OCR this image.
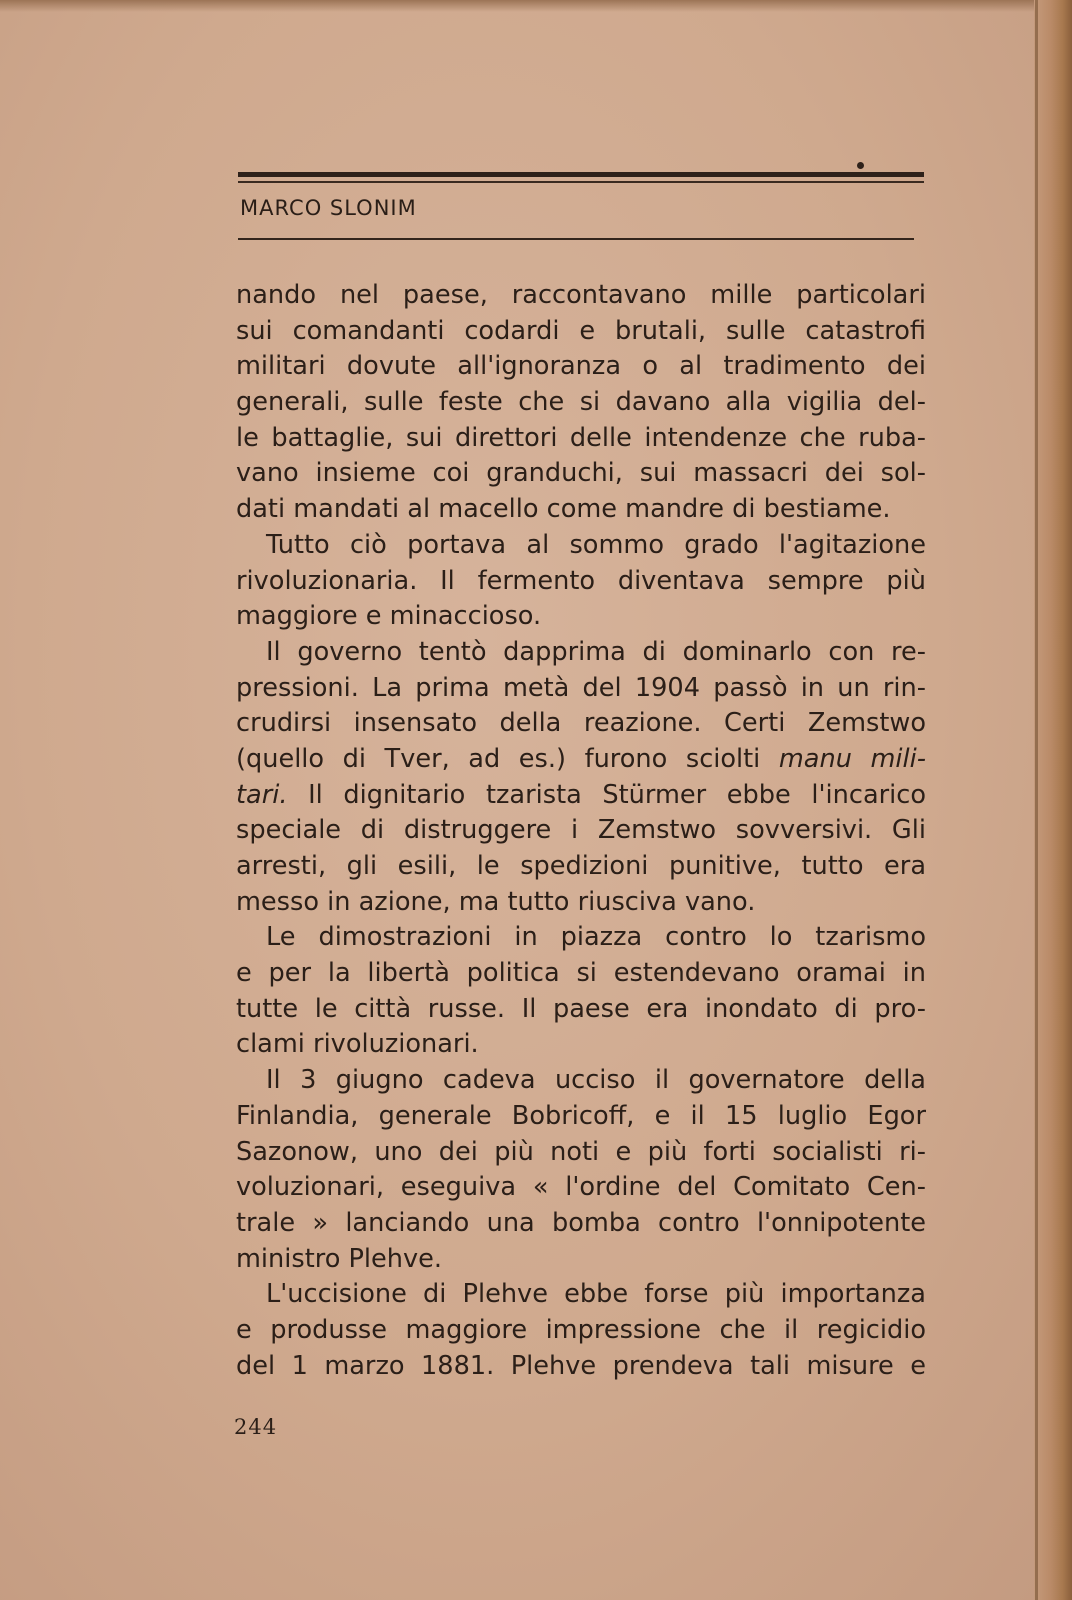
MARCO SLONIM
nando nel paese, raccontavano mille particolari
sui comandanti codardi e brutali, sulle catastrofi
militari dovute all'ignoranza o al tradimento dei
generali, sulle feste che si davano alla vigilia del-
le battaglie, sui direttori delle intendenze che ruba-
vano insieme coi granduchi, sui massacri dei sol-
dati mandati al macello come mandre di bestiame.
Tutto ciò portava al sommo grado l'agitazione
rivoluzionaria. Il fermento diventava sempre più
maggiore e minaccioso.
Il governo tentò dapprima di dominarlo con re-
pressioni. La prima metà del 1904 passò in un rin-
crudirsi insensato della reazione. Certi Zemstwo
(quello di Tver, ad es.) furono sciolti manu mili-
tari. Il dignitario tzarista Stürmer ebbe l'incarico
speciale di distruggere i Zemstwo sovversivi. Gli
arresti, gli esili, le spedizioni punitive, tutto era
messo in azione, ma tutto riusciva vano.
Le dimostrazioni in piazza contro lo tzarismo
e per la libertà politica si estendevano oramai in
tutte le città russe. Il paese era inondato di pro-
clami rivoluzionari.
Il 3 giugno cadeva ucciso il governatore della
Finlandia, generale Bobricoff, e il 15 luglio Egor
Sazonow, uno dei più noti e più forti socialisti ri-
voluzionari, eseguiva « l'ordine del Comitato Cen-
trale » lanciando una bomba contro l'onnipotente
ministro Plehve.
L'uccisione di Plehve ebbe forse più importanza
e produsse maggiore impressione che il regicidio
del 1 marzo 1881. Plehve prendeva tali misure e
244
